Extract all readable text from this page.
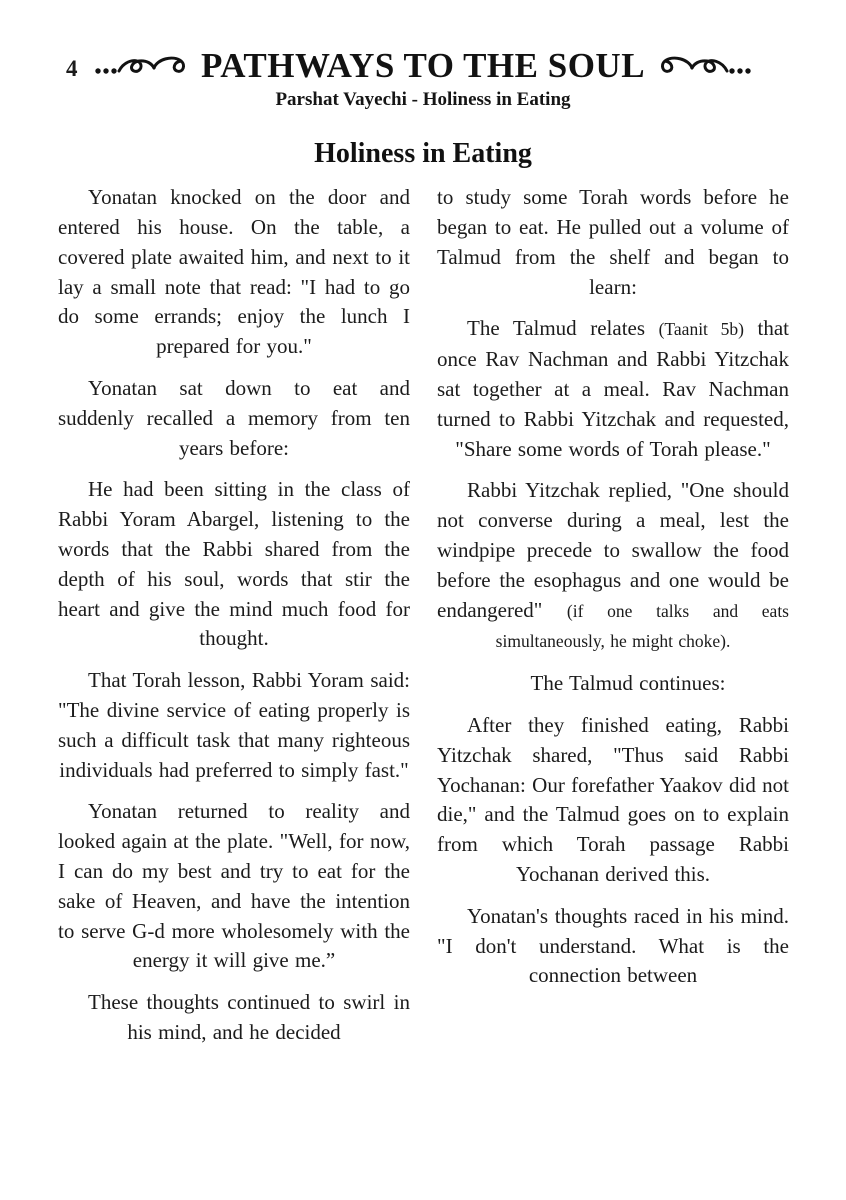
4	PATHWAYS TO THE SOUL
Parshat Vayechi - Holiness in Eating
Holiness in Eating

Yonatan knocked on the door and entered his house. On the table, a covered plate awaited him, and next to it lay a small note that read: "I had to go do some errands; enjoy the lunch I prepared for you."

Yonatan sat down to eat and suddenly recalled a memory from ten years before:

He had been sitting in the class of Rabbi Yoram Abargel, listening to the words that the Rabbi shared from the depth of his soul, words that stir the heart and give the mind much food for thought.

That Torah lesson, Rabbi Yoram said: "The divine service of eating properly is such a difficult task that many righteous individuals had preferred to simply fast."

Yonatan returned to reality and looked again at the plate. "Well, for now, I can do my best and try to eat for the sake of Heaven, and have the intention to serve G-d more wholesomely with the energy it will give me.”

These thoughts continued to swirl in his mind, and he decided

to study some Torah words before he began to eat. He pulled out a volume of Talmud from the shelf and began to learn:

The Talmud relates (Taanit 5b) that once Rav Nachman and Rabbi Yitzchak sat together at a meal. Rav Nachman turned to Rabbi Yitzchak and requested, "Share some words of Torah please."

Rabbi Yitzchak replied, "One should not converse during a meal, lest the windpipe precede to swallow the food before the esophagus and one would be endangered" (if one talks and eats simultaneously, he might choke).

The Talmud continues:

After they finished eating, Rabbi Yitzchak shared, "Thus said Rabbi Yochanan: Our forefather Yaakov did not die," and the Talmud goes on to explain from which Torah passage Rabbi Yochanan derived this.

Yonatan's thoughts raced in his mind. "I don't understand. What is the connection between
